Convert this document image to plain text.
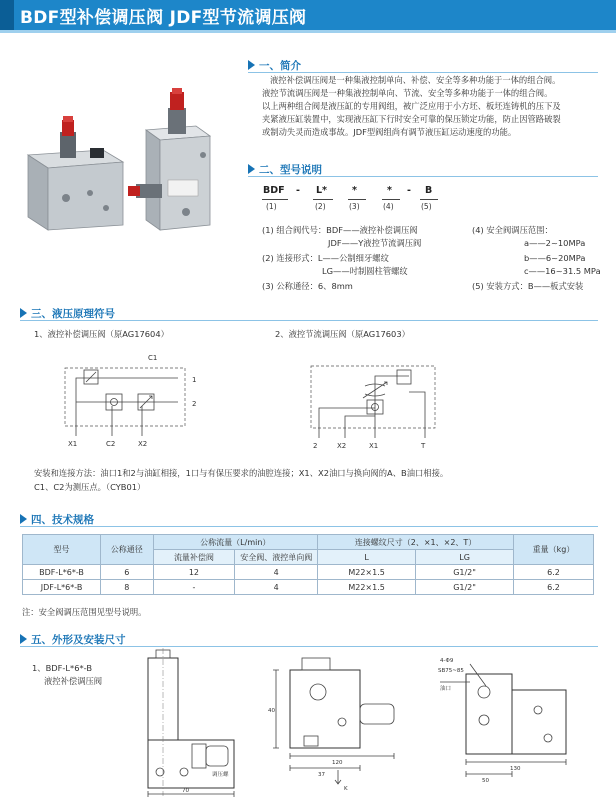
BDF型补偿调压阀 JDF型节流调压阀
一、简介
液控补偿调压阀是一种集液控制单向、补偿、安全等多种功能于一体的组合阀。
液控节流调压阀是一种集液控制单向、节流、安全等多种功能于一体的组合阀。
以上两种组合阀是液压缸的专用阀组，被广泛应用于小方坯、板坯连铸机的压下及
夹紧液压缸装置中，实现液压缸下行时安全可靠的保压锁定功能，防止因管路破裂
或制动失灵而造成事故。JDF型阀组尚有调节液压缸运动速度的功能。
二、型号说明
BDF - L*	*	* - B
(1)	(2)	(3)	(4)	(5)
(1) 组合阀代号：BDF——液控补偿调压阀
JDF——Y液控节流调压阀
(2) 连接形式：L——公制细牙螺纹
LG——吋制圆柱管螺纹
(3) 公称通径：6、8mm
(4) 安全阀调压范围：
a——2~10MPa
b——6~20MPa
c——16~31.5 MPa
(5) 安装方式：B——板式安装
三、液压原理符号
1、液控补偿调压阀（原AG17604）	2、液控节流调压阀（原AG17603）
C1
1
2
X1	C2	X2	2	X2	X1	T
安装和连接方法：油口1和2与油缸相接，1口与有保压要求的油腔连接；X1、X2油口与换向阀的A、B油口相接。
C1、C2为测压点。（CYB01）
四、技术规格
型号	公称通径	公称流量（L/min）		连接螺纹尺寸（2、×1、×2、T）		重量（kg）
		流量补偿阀	安全阀、液控单向阀	L	LG	
BDF-L*6*-B	6	12	4	M22×1.5	G1/2"	6.2
JDF-L*6*-B	8	-	4	M22×1.5	G1/2"	6.2
注：安全阀调压范围见型号说明。
五、外形及安装尺寸
1、BDF-L*6*-B
液控补偿调压阀
70
调压螺
120
37
40
K
4-Φ9
SB75~85
油口
130
50
